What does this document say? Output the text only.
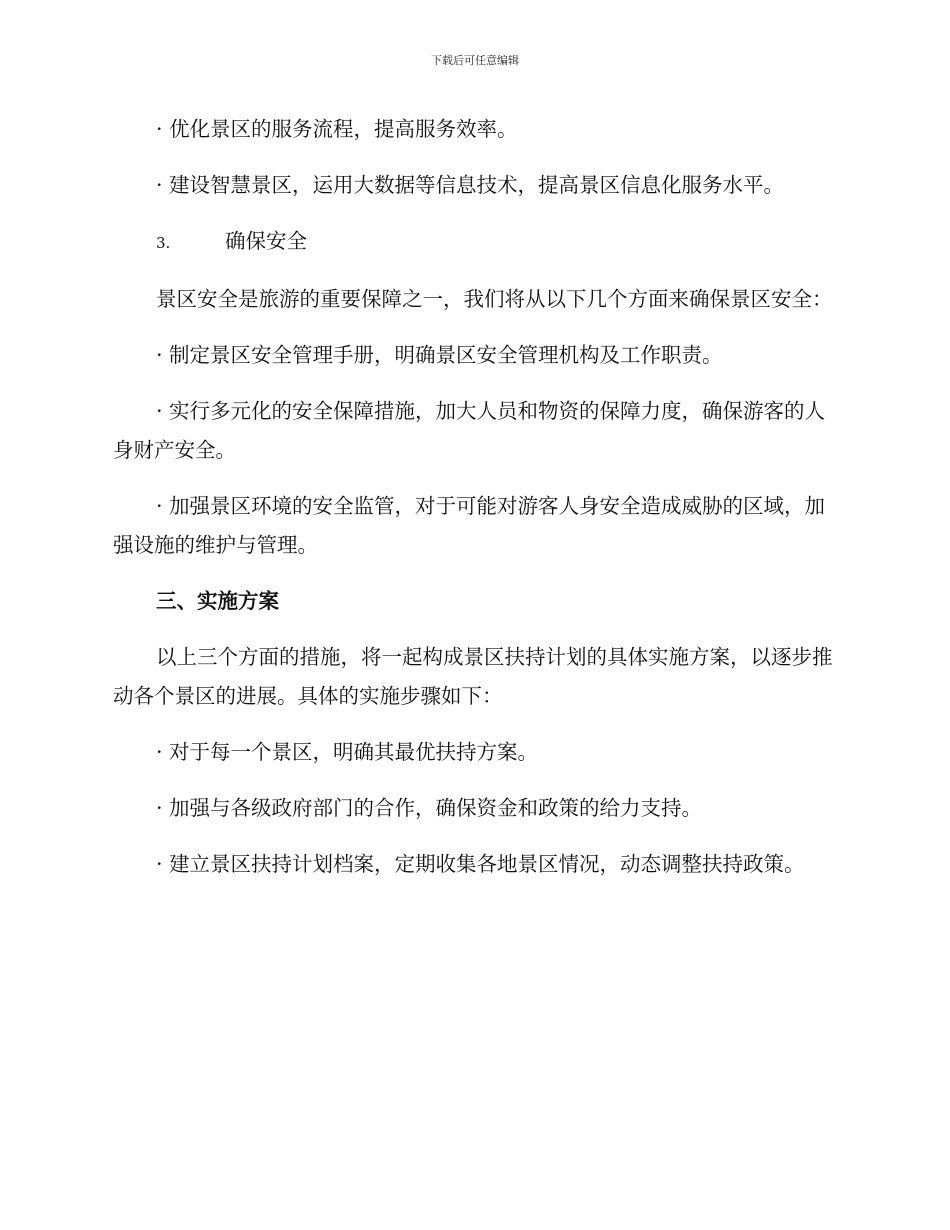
下载后可任意编辑

· 优化景区的服务流程，提高服务效率。

· 建设智慧景区，运用大数据等信息技术，提高景区信息化服务水平。

3.	确保安全

景区安全是旅游的重要保障之一，我们将从以下几个方面来确保景区安全：

· 制定景区安全管理手册，明确景区安全管理机构及工作职责。

· 实行多元化的安全保障措施，加大人员和物资的保障力度，确保游客的人身财产安全。

· 加强景区环境的安全监管，对于可能对游客人身安全造成威胁的区域，加强设施的维护与管理。

三、实施方案

以上三个方面的措施，将一起构成景区扶持计划的具体实施方案，以逐步推动各个景区的进展。具体的实施步骤如下：

· 对于每一个景区，明确其最优扶持方案。

· 加强与各级政府部门的合作，确保资金和政策的给力支持。

· 建立景区扶持计划档案，定期收集各地景区情况，动态调整扶持政策。
